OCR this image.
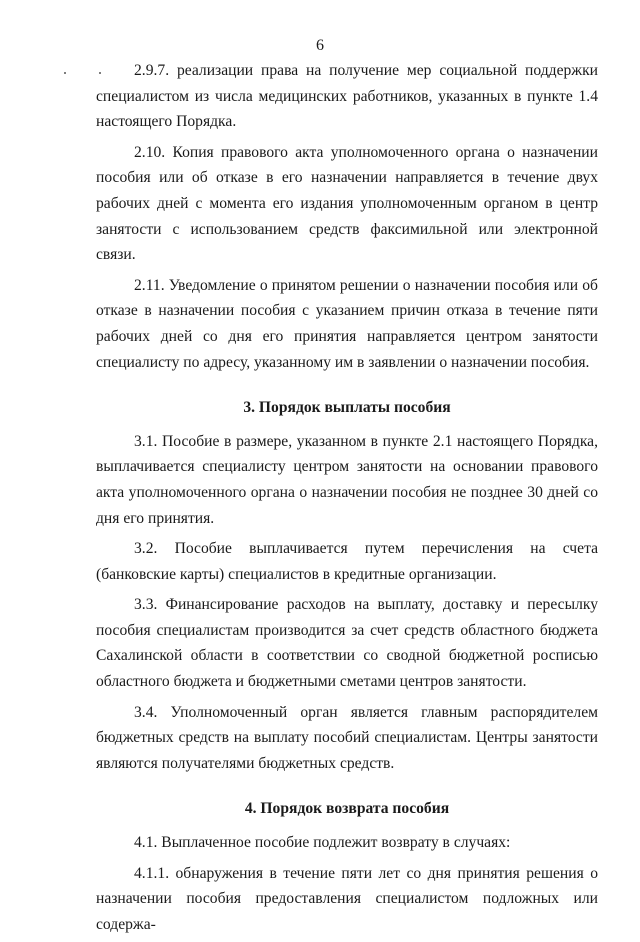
6

2.9.7. реализации права на получение мер социальной поддержки специалистом из числа медицинских работников, указанных в пункте 1.4 настоящего Порядка.

2.10. Копия правового акта уполномоченного органа о назначении пособия или об отказе в его назначении направляется в течение двух рабочих дней с момента его издания уполномоченным органом в центр занятости с использованием средств факсимильной или электронной связи.

2.11. Уведомление о принятом решении о назначении пособия или об отказе в назначении пособия с указанием причин отказа в течение пяти рабочих дней со дня его принятия направляется центром занятости специалисту по адресу, указанному им в заявлении о назначении пособия.

3. Порядок выплаты пособия

3.1. Пособие в размере, указанном в пункте 2.1 настоящего Порядка, выплачивается специалисту центром занятости на основании правового акта уполномоченного органа о назначении пособия не позднее 30 дней со дня его принятия.

3.2. Пособие выплачивается путем перечисления на счета (банковские карты) специалистов в кредитные организации.

3.3. Финансирование расходов на выплату, доставку и пересылку пособия специалистам производится за счет средств областного бюджета Сахалинской области в соответствии со сводной бюджетной росписью областного бюджета и бюджетными сметами центров занятости.

3.4. Уполномоченный орган является главным распорядителем бюджетных средств на выплату пособий специалистам. Центры занятости являются получателями бюджетных средств.

4. Порядок возврата пособия

4.1. Выплаченное пособие подлежит возврату в случаях:

4.1.1. обнаружения в течение пяти лет со дня принятия решения о назначении пособия предоставления специалистом подложных или содержа-
